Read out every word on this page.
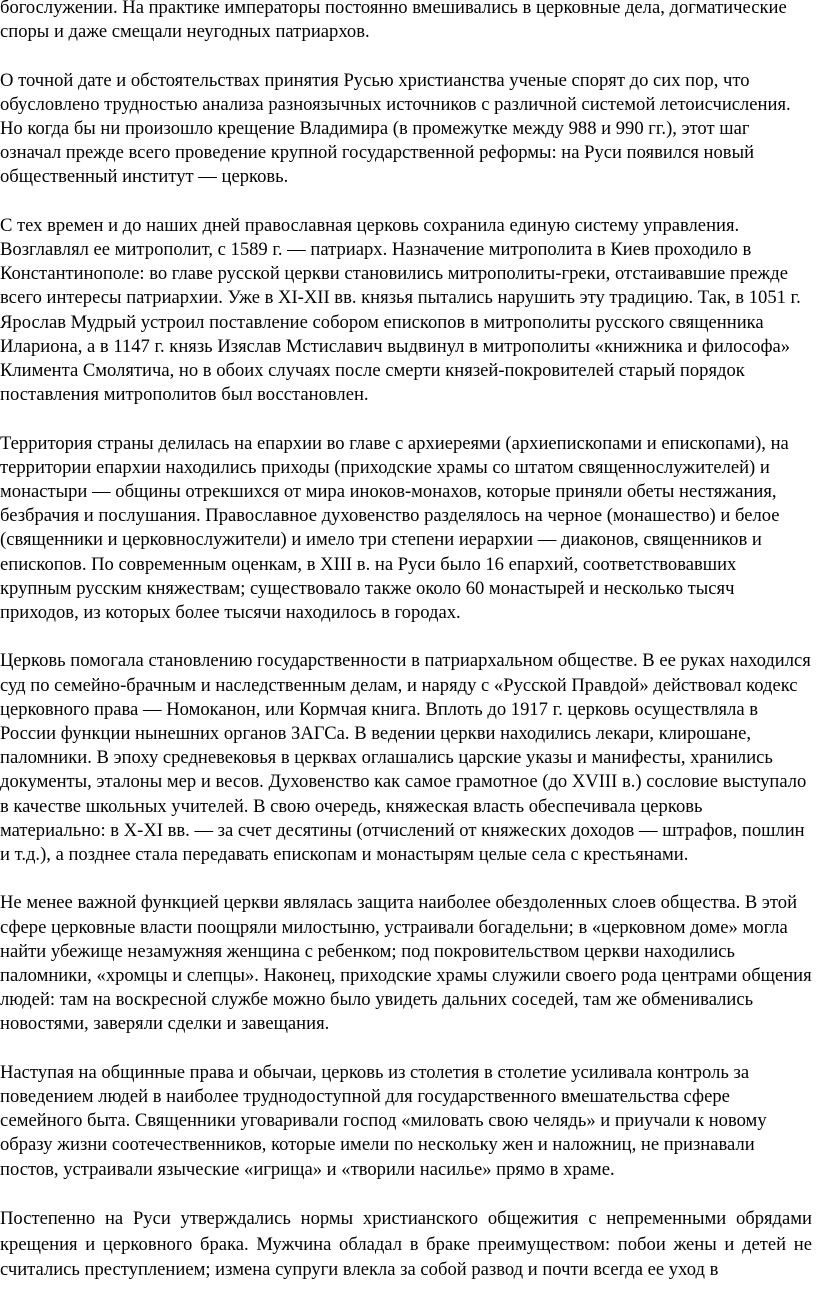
богослужении. На практике императоры постоянно вмешивались в церковные дела, догматические споры и даже смещали неугодных патриархов.

О точной дате и обстоятельствах принятия Русью христианства ученые спорят до сих пор, что обусловлено трудностью анализа разноязычных источников с различной системой летоисчисления. Но когда бы ни произошло крещение Владимира (в промежутке между 988 и 990 гг.), этот шаг означал прежде всего проведение крупной государственной реформы: на Руси появился новый общественный институт — церковь.

С тех времен и до наших дней православная церковь сохранила единую систему управления. Возглавлял ее митрополит, с 1589 г. — патриарх. Назначение митрополита в Киев проходило в Константинополе: во главе русской церкви становились митрополиты-греки, отстаивавшие прежде всего интересы патриархии. Уже в XI-XII вв. князья пытались нарушить эту традицию. Так, в 1051 г. Ярослав Мудрый устроил поставление собором епископов в митрополиты русского священника Илариона, а в 1147 г. князь Изяслав Мстиславич выдвинул в митрополиты «книжника и философа» Климента Смолятича, но в обоих случаях после смерти князей-покровителей старый порядок поставления митрополитов был восстановлен.

Территория страны делилась на епархии во главе с архиереями (архиепископами и епископами), на территории епархии находились приходы (приходские храмы со штатом священнослужителей) и монастыри — общины отрекшихся от мира иноков-монахов, которые приняли обеты нестяжания, безбрачия и послушания. Православное духовенство разделялось на черное (монашество) и белое (священники и церковнослужители) и имело три степени иерархии — диаконов, священников и епископов. По современным оценкам, в XIII в. на Руси было 16 епархий, соответствовавших крупным русским княжествам; существовало также около 60 монастырей и несколько тысяч приходов, из которых более тысячи находилось в городах.

Церковь помогала становлению государственности в патриархальном обществе. В ее руках находился суд по семейно-брачным и наследственным делам, и наряду с «Русской Правдой» действовал кодекс церковного права — Номоканон, или Кормчая книга. Вплоть до 1917 г. церковь осуществляла в России функции нынешних органов ЗАГСа. В ведении церкви находились лекари, клирошане, паломники. В эпоху средневековья в церквах оглашались царские указы и манифесты, хранились документы, эталоны мер и весов. Духовенство как самое грамотное (до XVIII в.) сословие выступало в качестве школьных учителей. В свою очередь, княжеская власть обеспечивала церковь материально: в X-XI вв. — за счет десятины (отчислений от княжеских доходов — штрафов, пошлин и т.д.), а позднее стала передавать епископам и монастырям целые села с крестьянами.

Не менее важной функцией церкви являлась защита наиболее обездоленных слоев общества. В этой сфере церковные власти поощряли милостыню, устраивали богадельни; в «церковном доме» могла найти убежище незамужняя женщина с ребенком; под покровительством церкви находились паломники, «хромцы и слепцы». Наконец, приходские храмы служили своего рода центрами общения людей: там на воскресной службе можно было увидеть дальних соседей, там же обменивались новостями, заверяли сделки и завещания.

Наступая на общинные права и обычаи, церковь из столетия в столетие усиливала контроль за поведением людей в наиболее труднодоступной для государственного вмешательства сфере семейного быта. Священники уговаривали господ «миловать свою челядь» и приучали к новому образу жизни соотечественников, которые имели по нескольку жен и наложниц, не признавали постов, устраивали языческие «игрища» и «творили насилье» прямо в храме.

Постепенно на Руси утверждались нормы христианского общежития с непременными обрядами крещения и церковного брака. Мужчина обладал в браке преимуществом: побои жены и детей не считались преступлением; измена супруги влекла за собой развод и почти всегда ее уход в
